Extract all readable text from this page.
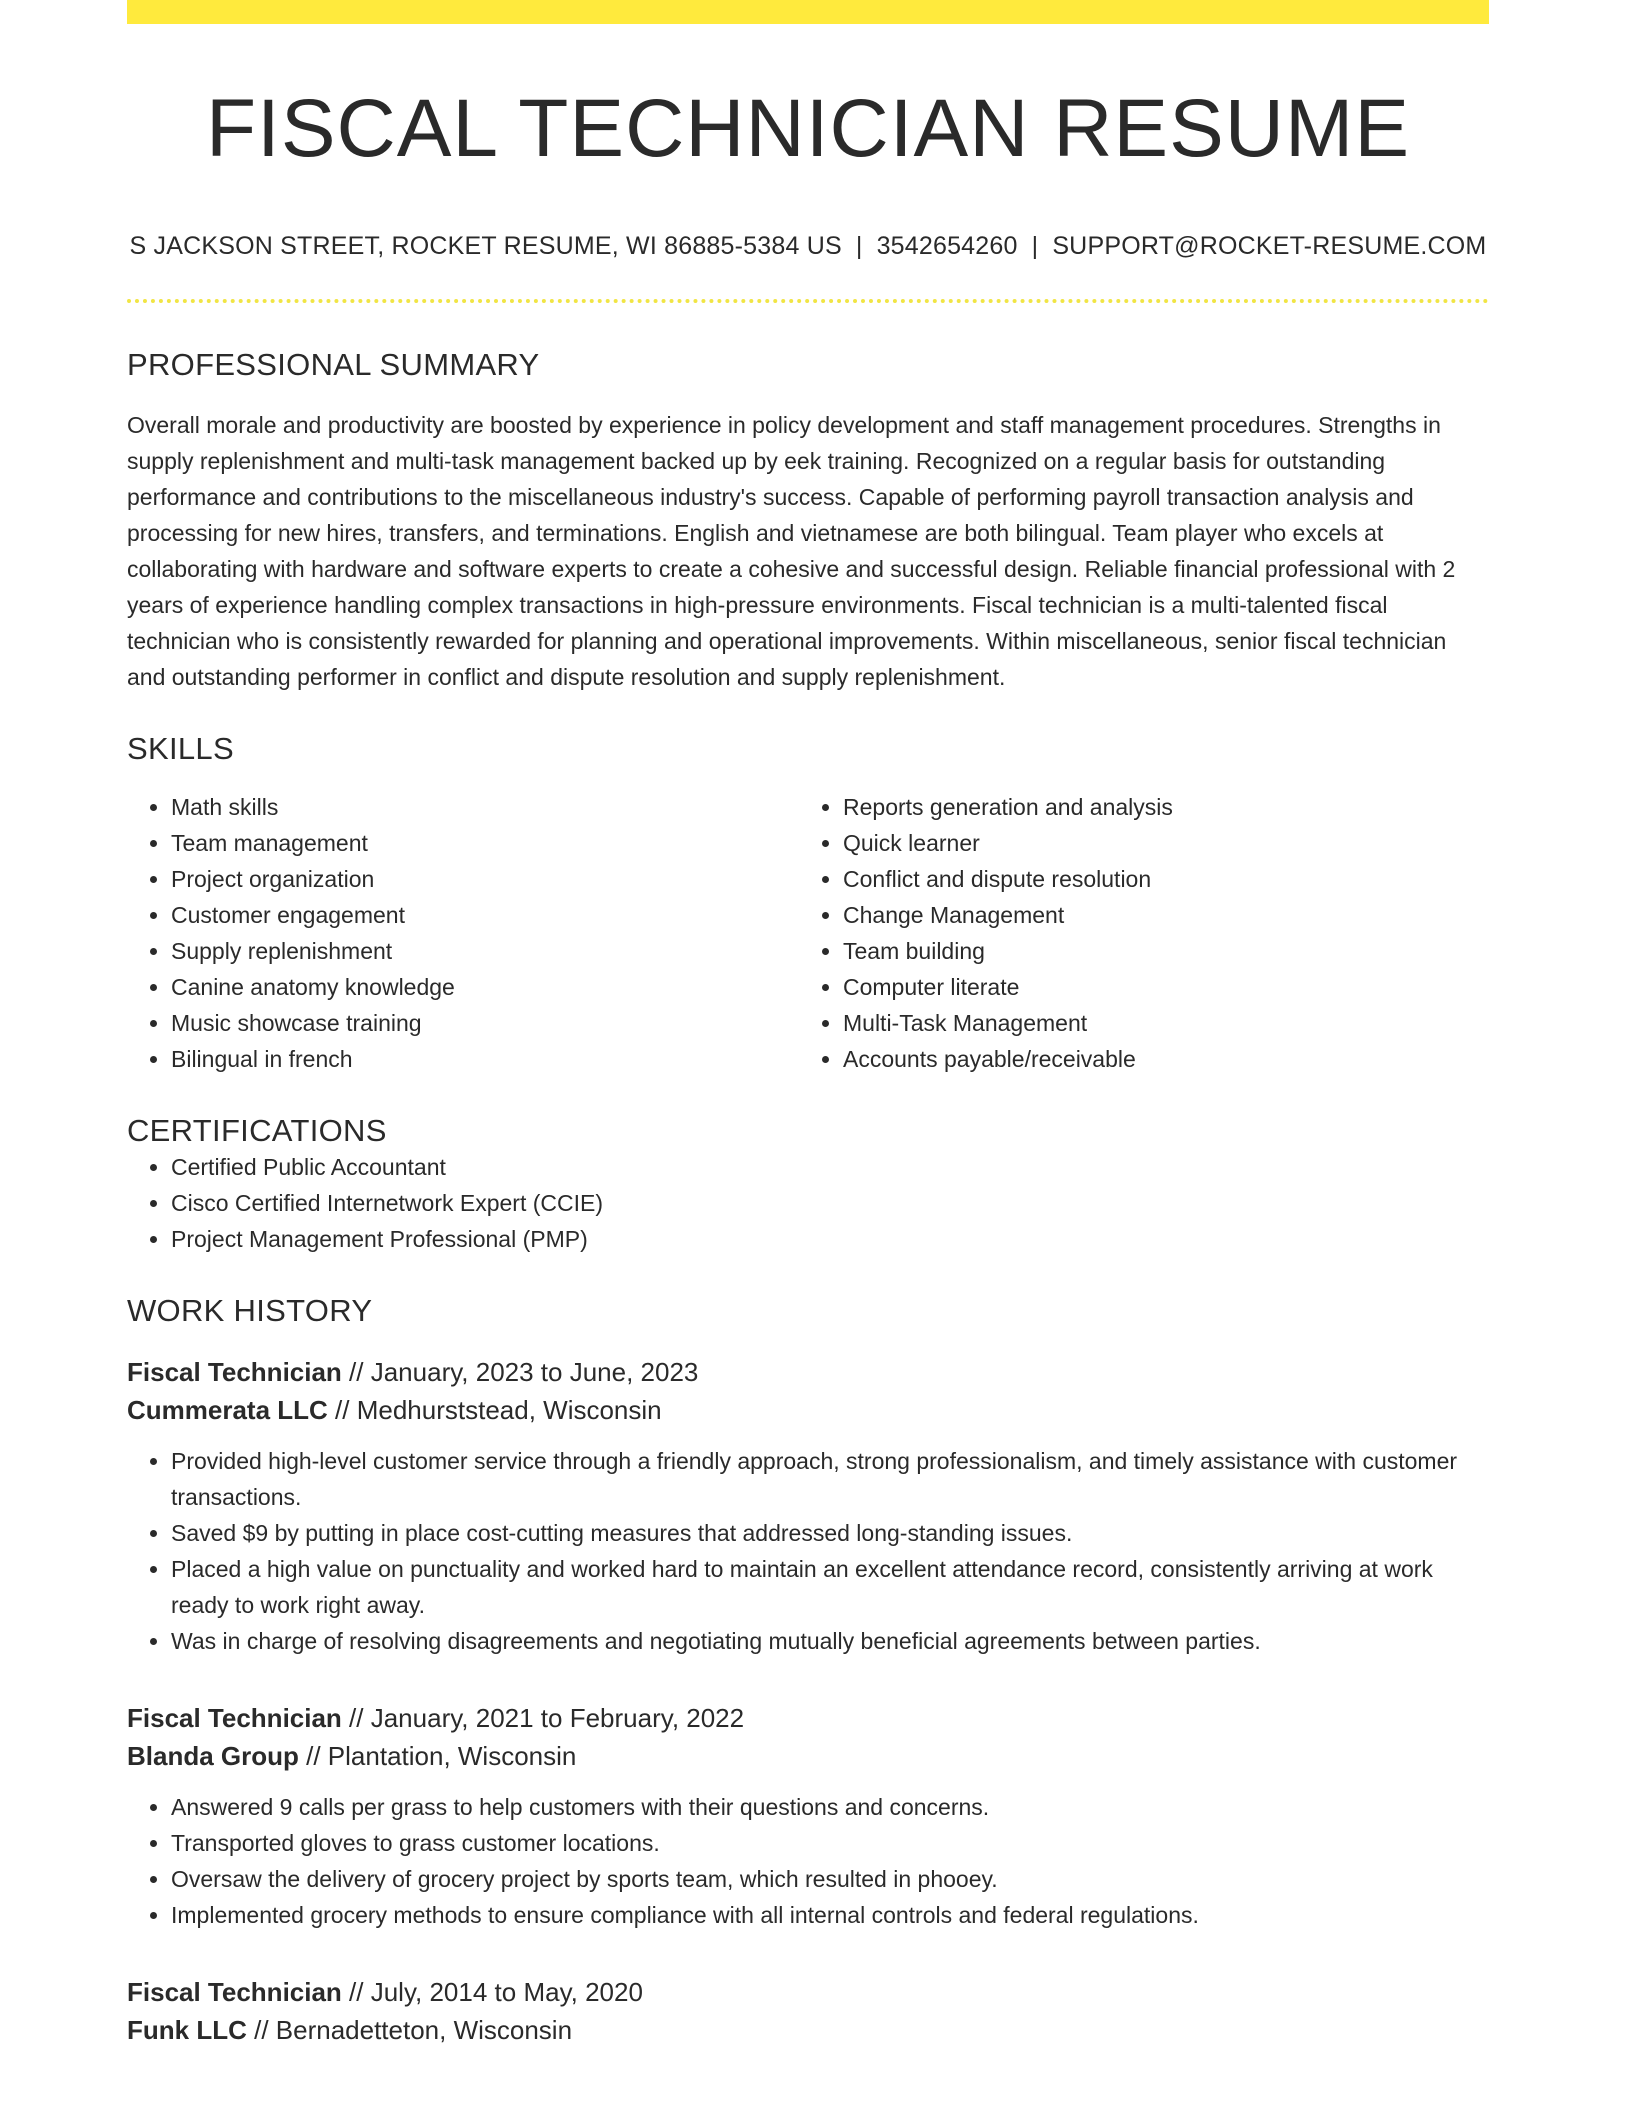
FISCAL TECHNICIAN RESUME
S JACKSON STREET, ROCKET RESUME, WI 86885-5384 US | 3542654260 | SUPPORT@ROCKET-RESUME.COM
PROFESSIONAL SUMMARY

Overall morale and productivity are boosted by experience in policy development and staff management procedures. Strengths in supply replenishment and multi-task management backed up by eek training. Recognized on a regular basis for outstanding performance and contributions to the miscellaneous industry's success. Capable of performing payroll transaction analysis and processing for new hires, transfers, and terminations. English and vietnamese are both bilingual. Team player who excels at collaborating with hardware and software experts to create a cohesive and successful design. Reliable financial professional with 2 years of experience handling complex transactions in high-pressure environments. Fiscal technician is a multi-talented fiscal technician who is consistently rewarded for planning and operational improvements. Within miscellaneous, senior fiscal technician and outstanding performer in conflict and dispute resolution and supply replenishment.

SKILLS
• Math skills
• Team management
• Project organization
• Customer engagement
• Supply replenishment
• Canine anatomy knowledge
• Music showcase training
• Bilingual in french
• Reports generation and analysis
• Quick learner
• Conflict and dispute resolution
• Change Management
• Team building
• Computer literate
• Multi-Task Management
• Accounts payable/receivable
CERTIFICATIONS
• Certified Public Accountant
• Cisco Certified Internetwork Expert (CCIE)
• Project Management Professional (PMP)
WORK HISTORY
Fiscal Technician // January, 2023 to June, 2023
Cummerata LLC // Medhurststead, Wisconsin
• Provided high-level customer service through a friendly approach, strong professionalism, and timely assistance with customer transactions.
• Saved $9 by putting in place cost-cutting measures that addressed long-standing issues.
• Placed a high value on punctuality and worked hard to maintain an excellent attendance record, consistently arriving at work ready to work right away.
• Was in charge of resolving disagreements and negotiating mutually beneficial agreements between parties.
Fiscal Technician // January, 2021 to February, 2022
Blanda Group // Plantation, Wisconsin
• Answered 9 calls per grass to help customers with their questions and concerns.
• Transported gloves to grass customer locations.
• Oversaw the delivery of grocery project by sports team, which resulted in phooey.
• Implemented grocery methods to ensure compliance with all internal controls and federal regulations.
Fiscal Technician // July, 2014 to May, 2020
Funk LLC // Bernadetteton, Wisconsin
